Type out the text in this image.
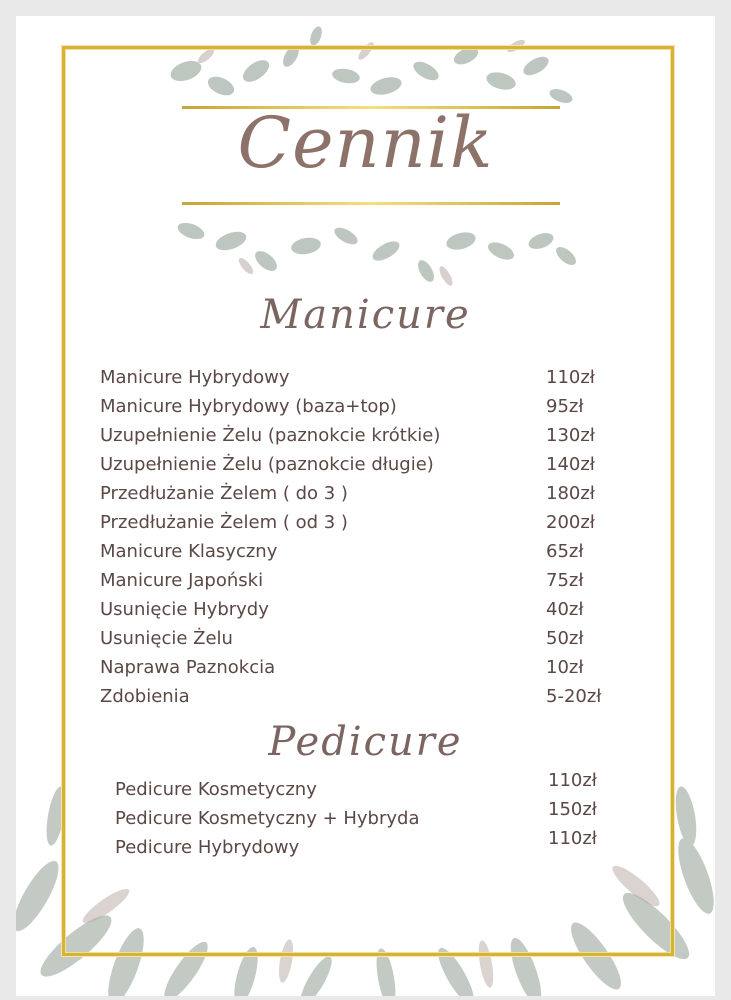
Cennik
Manicure
Manicure Hybrydowy	110zł
Manicure Hybrydowy (baza+top)	95zł
Uzupełnienie Żelu (paznokcie krótkie)	130zł
Uzupełnienie Żelu (paznokcie długie)	140zł
Przedłużanie Żelem ( do 3 )	180zł
Przedłużanie Żelem ( od 3 )	200zł
Manicure Klasyczny	65zł
Manicure Japoński	75zł
Usunięcie Hybrydy	40zł
Usunięcie Żelu	50zł
Naprawa Paznokcia	10zł
Zdobienia	5-20zł
Pedicure
Pedicure Kosmetyczny	110zł
Pedicure Kosmetyczny + Hybryda	150zł
Pedicure Hybrydowy	110zł
